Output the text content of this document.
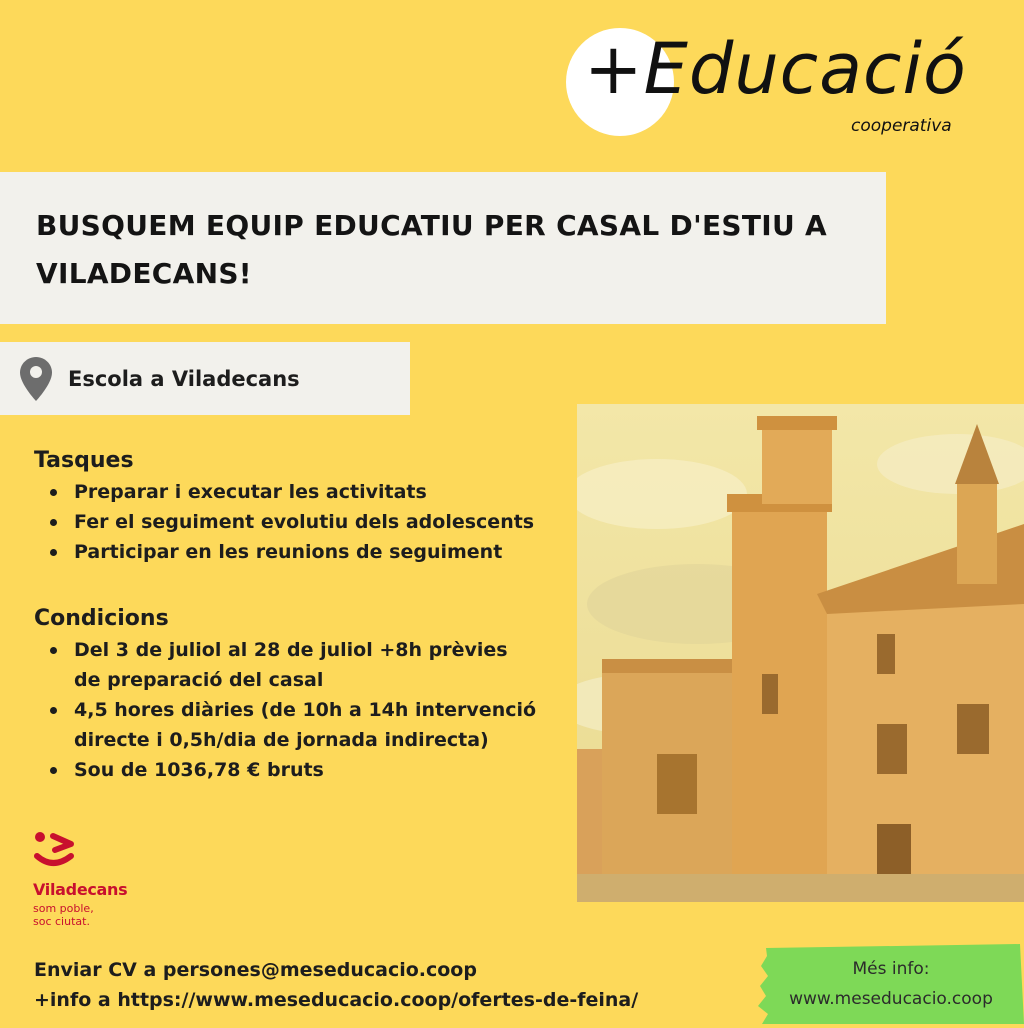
+Educació
cooperativa
BUSQUEM EQUIP EDUCATIU PER CASAL D'ESTIU A VILADECANS!
Escola a Viladecans
Tasques
Preparar i executar les activitats
Fer el seguiment evolutiu dels adolescents
Participar en les reunions de seguiment
Condicions
Del 3 de juliol al 28 de juliol +8h prèvies de preparació del casal
4,5 hores diàries (de 10h a 14h intervenció directe i 0,5h/dia de jornada indirecta)
Sou de 1036,78 € bruts
Viladecans
som poble,
soc ciutat.
Enviar CV a persones@meseducacio.coop
+info a https://www.meseducacio.coop/ofertes-de-feina/
Més info:
www.meseducacio.coop
